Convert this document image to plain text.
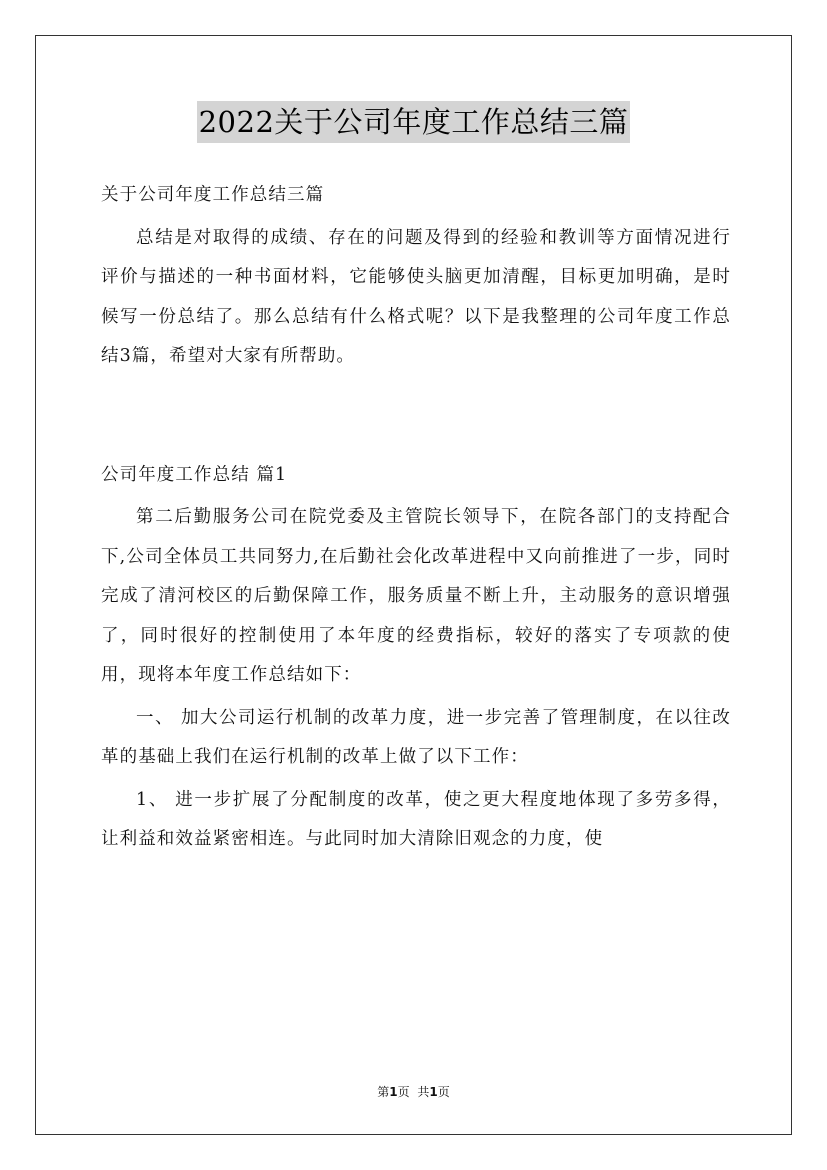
2022关于公司年度工作总结三篇

关于公司年度工作总结三篇

总结是对取得的成绩、存在的问题及得到的经验和教训等方面情况进行评价与描述的一种书面材料，它能够使头脑更加清醒，目标更加明确，是时候写一份总结了。那么总结有什么格式呢？以下是我整理的公司年度工作总结3篇，希望对大家有所帮助。

公司年度工作总结 篇1

第二后勤服务公司在院党委及主管院长领导下，在院各部门的支持配合下,公司全体员工共同努力,在后勤社会化改革进程中又向前推进了一步，同时完成了清河校区的后勤保障工作，服务质量不断上升，主动服务的意识增强了，同时很好的控制使用了本年度的经费指标，较好的落实了专项款的使用，现将本年度工作总结如下：

一、 加大公司运行机制的改革力度，进一步完善了管理制度，在以往改革的基础上我们在运行机制的改革上做了以下工作：

1、 进一步扩展了分配制度的改革，使之更大程度地体现了多劳多得，让利益和效益紧密相连。与此同时加大清除旧观念的力度，使

第1页 共1页
